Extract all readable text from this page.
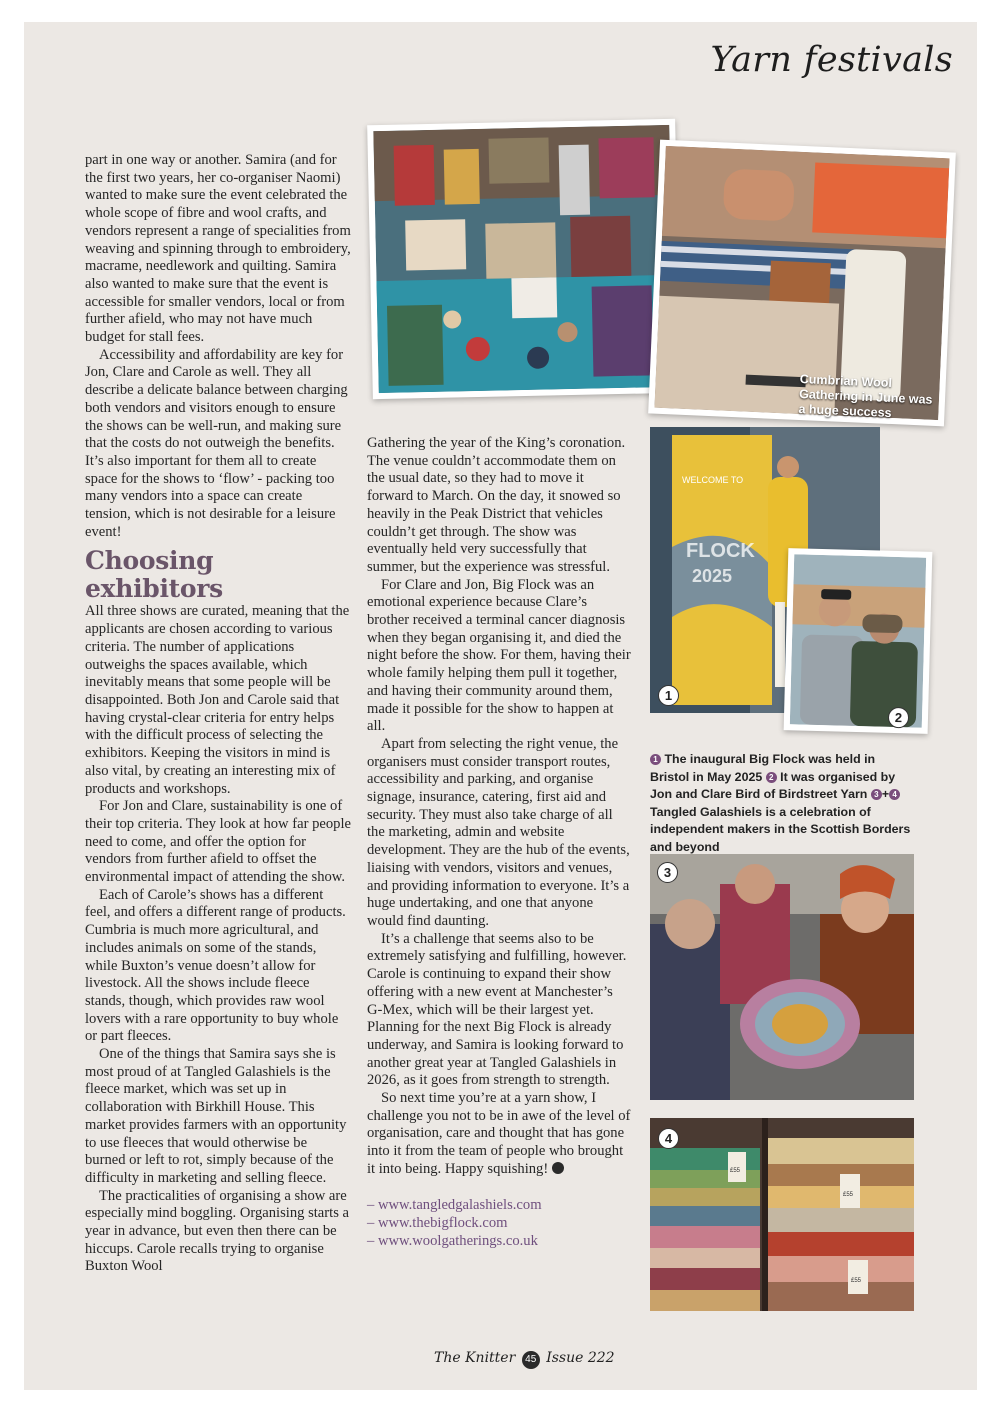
Yarn festivals

part in one way or another. Samira (and for the first two years, her co-organiser Naomi) wanted to make sure the event celebrated the whole scope of fibre and wool crafts, and vendors represent a range of specialities from weaving and spinning through to embroidery, macrame, needlework and quilting. Samira also wanted to make sure that the event is accessible for smaller vendors, local or from further afield, who may not have much budget for stall fees.

Accessibility and affordability are key for Jon, Clare and Carole as well. They all describe a delicate balance between charging both vendors and visitors enough to ensure the shows can be well-run, and making sure that the costs do not outweigh the benefits. It’s also important for them all to create space for the shows to ‘flow’ - packing too many vendors into a space can create tension, which is not desirable for a leisure event!

Choosing exhibitors

All three shows are curated, meaning that the applicants are chosen according to various criteria. The number of applications outweighs the spaces available, which inevitably means that some people will be disappointed. Both Jon and Carole said that having crystal-clear criteria for entry helps with the difficult process of selecting the exhibitors. Keeping the visitors in mind is also vital, by creating an interesting mix of products and workshops.

For Jon and Clare, sustainability is one of their top criteria. They look at how far people need to come, and offer the option for vendors from further afield to offset the environmental impact of attending the show.

Each of Carole’s shows has a different feel, and offers a different range of products. Cumbria is much more agricultural, and includes animals on some of the stands, while Buxton’s venue doesn’t allow for livestock. All the shows include fleece stands, though, which provides raw wool lovers with a rare opportunity to buy whole or part fleeces.

One of the things that Samira says she is most proud of at Tangled Galashiels is the fleece market, which was set up in collaboration with Birkhill House. This market provides farmers with an opportunity to use fleeces that would otherwise be burned or left to rot, simply because of the difficulty in marketing and selling fleece.

The practicalities of organising a show are especially mind boggling. Organising starts a year in advance, but even then there can be hiccups. Carole recalls trying to organise Buxton Wool

Gathering the year of the King’s coronation. The venue couldn’t accommodate them on the usual date, so they had to move it forward to March. On the day, it snowed so heavily in the Peak District that vehicles couldn’t get through. The show was eventually held very successfully that summer, but the experience was stressful.

For Clare and Jon, Big Flock was an emotional experience because Clare’s brother received a terminal cancer diagnosis when they began organising it, and died the night before the show. For them, having their whole family helping them pull it together, and having their community around them, made it possible for the show to happen at all.

Apart from selecting the right venue, the organisers must consider transport routes, accessibility and parking, and organise signage, insurance, catering, first aid and security. They must also take charge of all the marketing, admin and website development. They are the hub of the events, liaising with vendors, visitors and venues, and providing information to everyone. It’s a huge undertaking, and one that anyone would find daunting.

It’s a challenge that seems also to be extremely satisfying and fulfilling, however. Carole is continuing to expand their show offering with a new event at Manchester’s G-Mex, which will be their largest yet. Planning for the next Big Flock is already underway, and Samira is looking forward to another great year at Tangled Galashiels in 2026, as it goes from strength to strength.

So next time you’re at a yarn show, I challenge you not to be in awe of the level of organisation, care and thought that has gone into it from the team of people who brought it into being. Happy squishing!

– www.tangledgalashiels.com
– www.thebigflock.com
– www.woolgatherings.co.uk
Cumbrian Wool Gathering in June was a huge success
WELCOME TO
FLOCK
2025
1
2
1 The inaugural Big Flock was held in Bristol in May 2025 2 It was organised by Jon and Clare Bird of Birdstreet Yarn 3 + 4 Tangled Galashiels is a celebration of independent makers in the Scottish Borders and beyond
3
£55
£55
£55
4
The Knitter 45 Issue 222
